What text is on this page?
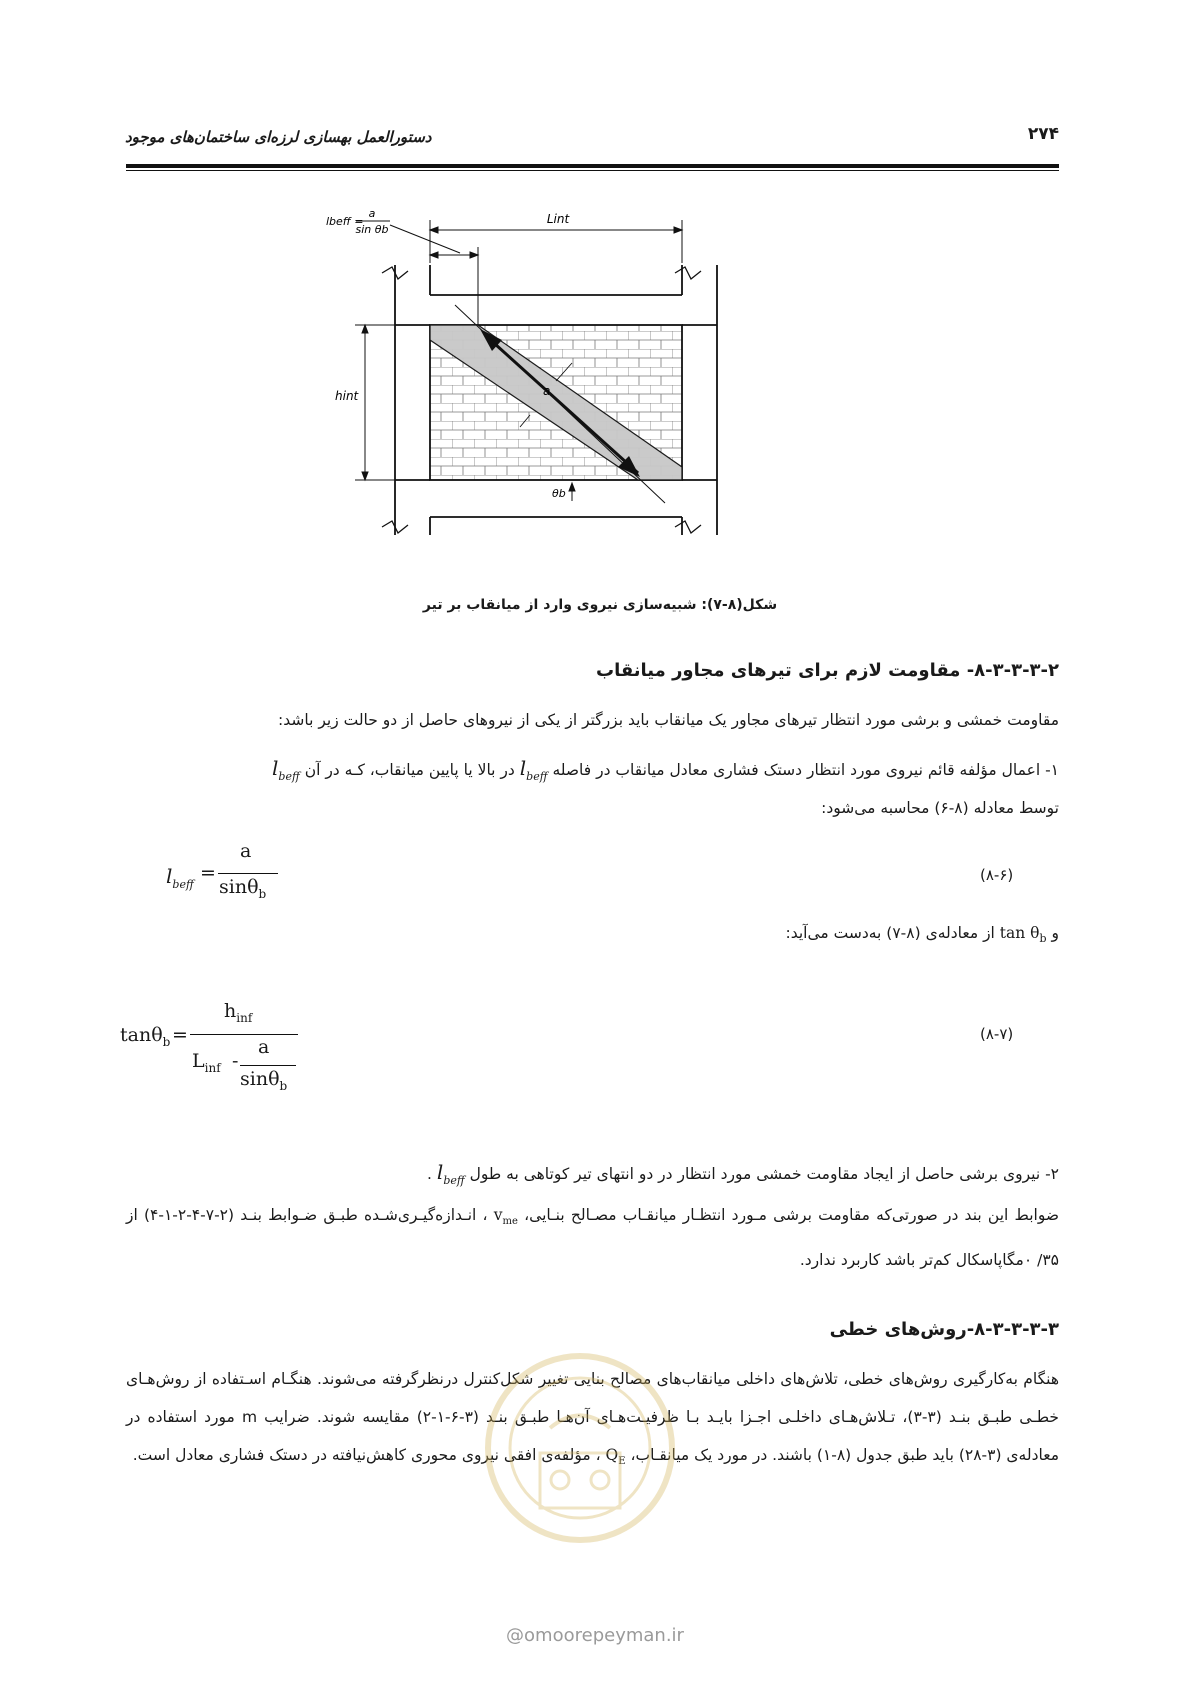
دستورالعمل بهسازی لرزه‌ای ساختمان‌های موجود	۲۷۴
lbeff =
a
sin θb
Lint
hint	a
θb
شکل(۸-۷): شبیه‌سازی نیروی وارد از میانقاب بر تیر
۸-۳-۳-۳-۲- مقاومت لازم برای تیرهای مجاور میانقاب
مقاومت خمشی و برشی مورد انتظار تیرهای مجاور یک میانقاب باید بزرگتر از یکی از نیروهای حاصل از دو حالت زیر باشد:
۱- اعمال مؤلفه قائم نیروی مورد انتظار دستک فشاری معادل میانقاب در فاصله $l_{beff}$ در بالا یا پایین میانقاب، کـه در آن $l_{beff}$
توسط معادله (۸-۶) محاسبه می‌شود:
$l_{beff}$
=
a
sinθ$_b$
(۸-۶)
و $\tan \theta_b$ از معادله‌ی (۸-۷) به‌دست می‌آید:
tanθ$_b$ =
$h_{inf}$
$L_{inf}$ -
a
sinθ$_b$
(۸-۷)
۲- نیروی برشی حاصل از ایجاد مقاومت خمشی مورد انتظار در دو انتهای تیر کوتاهی به طول $l_{beff}$ .
ضوابط این بند در صورتی‌که مقاومت برشی مـورد انتظـار میانقـاب مصـالح بنـایی، $v_{me}$ ، انـدازه‌گیـری‌شـده طبـق ضـوابط بنـد (۲-۷-۴-۲-۱-۴) از ۳۵/ ۰مگاپاسکال کم‌تر باشد کاربرد ندارد.
۸-۳-۳-۳-۳-روش‌های خطی
هنگام به‌کارگیری روش‌های خطی، تلاش‌های داخلی میانقاب‌های مصالح بنایی تغییر شکل‌کنترل درنظرگرفته می‌شوند. هنگـام اسـتفاده از روش‌هـای خطـی طبـق بنـد (۳-۳)، تـلاش‌هـای داخلـی اجـزا بایـد بـا ظرفیـت‌هـای آن‌هـا طبـق بنـد (۳-۶-۱-۲) مقایسه شوند. ضرایب m مورد استفاده در معادله‌ی (۳-۲۸) باید طبق جدول (۸-۱) باشند. در مورد یک میانقـاب، $Q_E$ ، مؤلفه‌ی افقی نیروی محوری کاهش‌نیافته در دستک فشاری معادل است.
@omoorepeyman.ir
